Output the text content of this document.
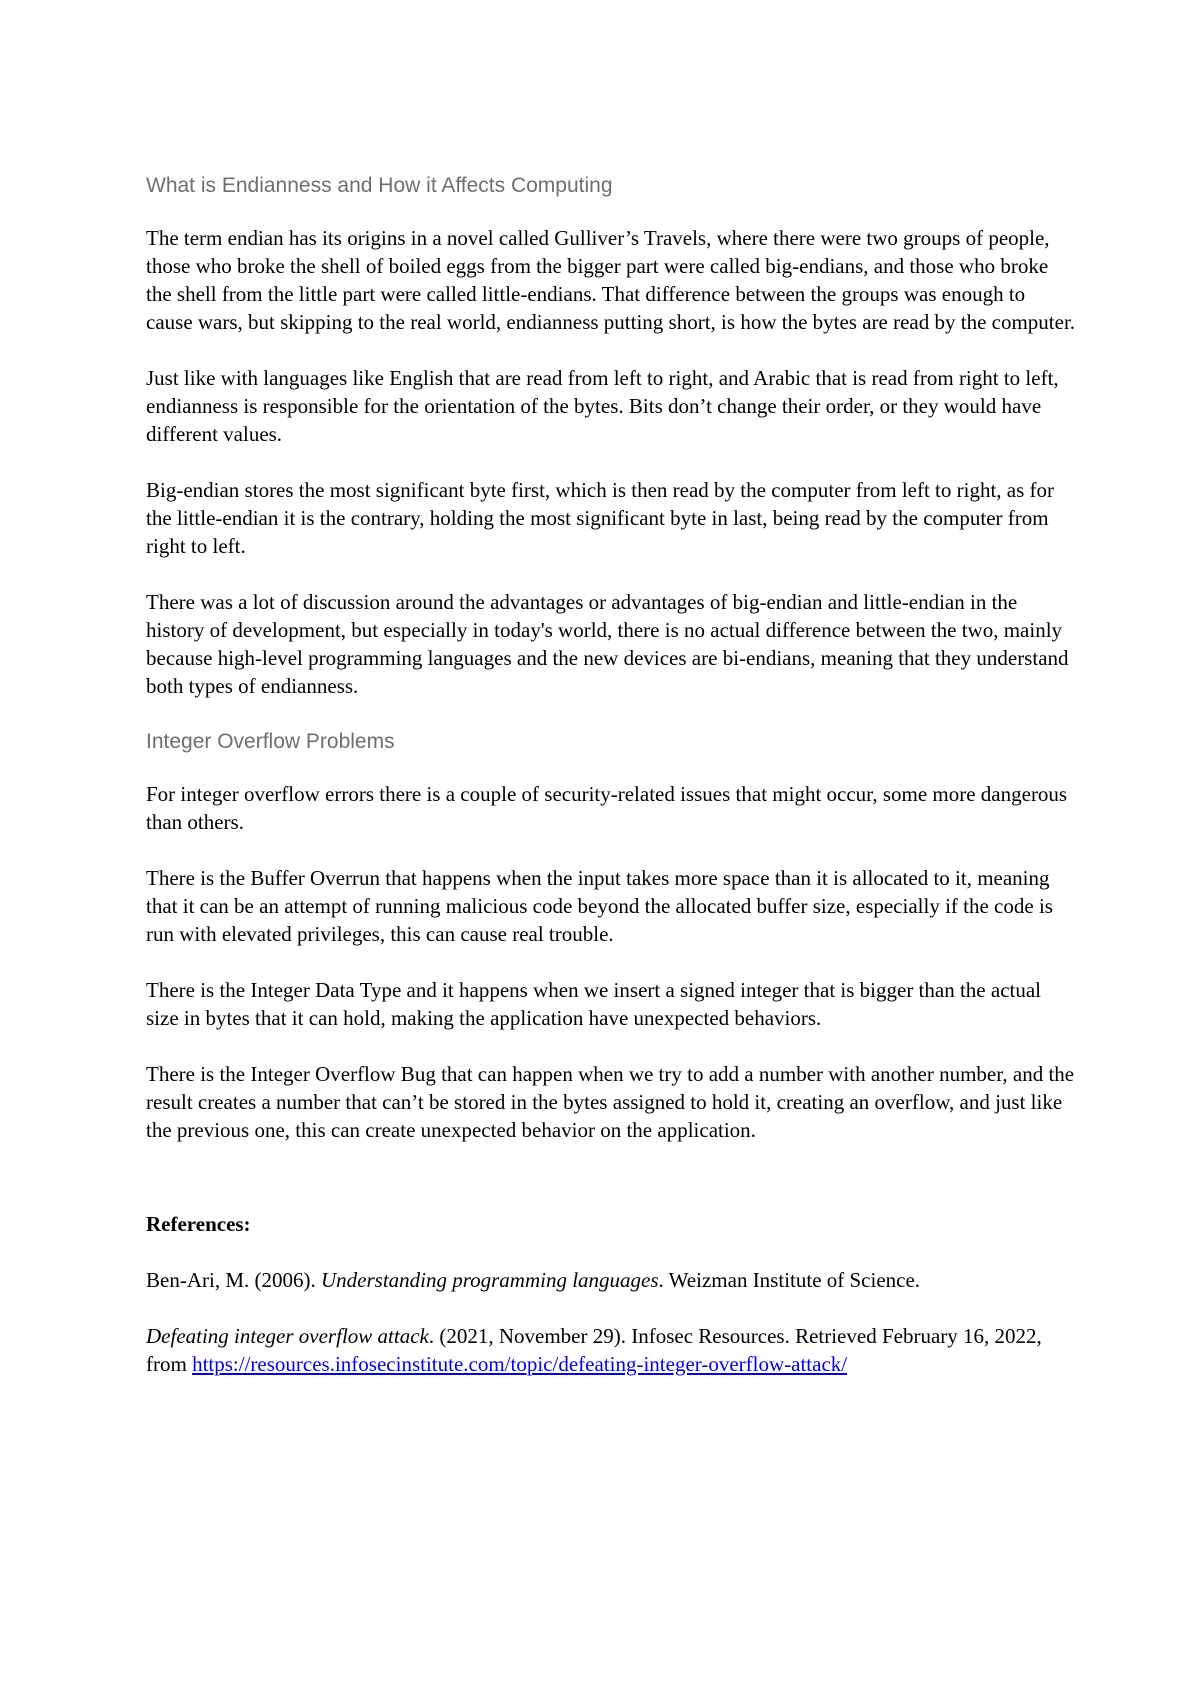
What is Endianness and How it Affects Computing

The term endian has its origins in a novel called Gulliver’s Travels, where there were two groups of people, those who broke the shell of boiled eggs from the bigger part were called big-endians, and those who broke the shell from the little part were called little-endians. That difference between the groups was enough to cause wars, but skipping to the real world, endianness putting short, is how the bytes are read by the computer.

Just like with languages like English that are read from left to right, and Arabic that is read from right to left, endianness is responsible for the orientation of the bytes. Bits don’t change their order, or they would have different values.

Big-endian stores the most significant byte first, which is then read by the computer from left to right, as for the little-endian it is the contrary, holding the most significant byte in last, being read by the computer from right to left.

There was a lot of discussion around the advantages or advantages of big-endian and little-endian in the history of development, but especially in today's world, there is no actual difference between the two, mainly because high-level programming languages and the new devices are bi-endians, meaning that they understand both types of endianness.

Integer Overflow Problems

For integer overflow errors there is a couple of security-related issues that might occur, some more dangerous than others.

There is the Buffer Overrun that happens when the input takes more space than it is allocated to it, meaning that it can be an attempt of running malicious code beyond the allocated buffer size, especially if the code is run with elevated privileges, this can cause real trouble.

There is the Integer Data Type and it happens when we insert a signed integer that is bigger than the actual size in bytes that it can hold, making the application have unexpected behaviors.

There is the Integer Overflow Bug that can happen when we try to add a number with another number, and the result creates a number that can’t be stored in the bytes assigned to hold it, creating an overflow, and just like the previous one, this can create unexpected behavior on the application.

References:
Ben-Ari, M. (2006). Understanding programming languages. Weizman Institute of Science.
Defeating integer overflow attack. (2021, November 29). Infosec Resources. Retrieved February 16, 2022, from https://resources.infosecinstitute.com/topic/defeating-integer-overflow-attack/
